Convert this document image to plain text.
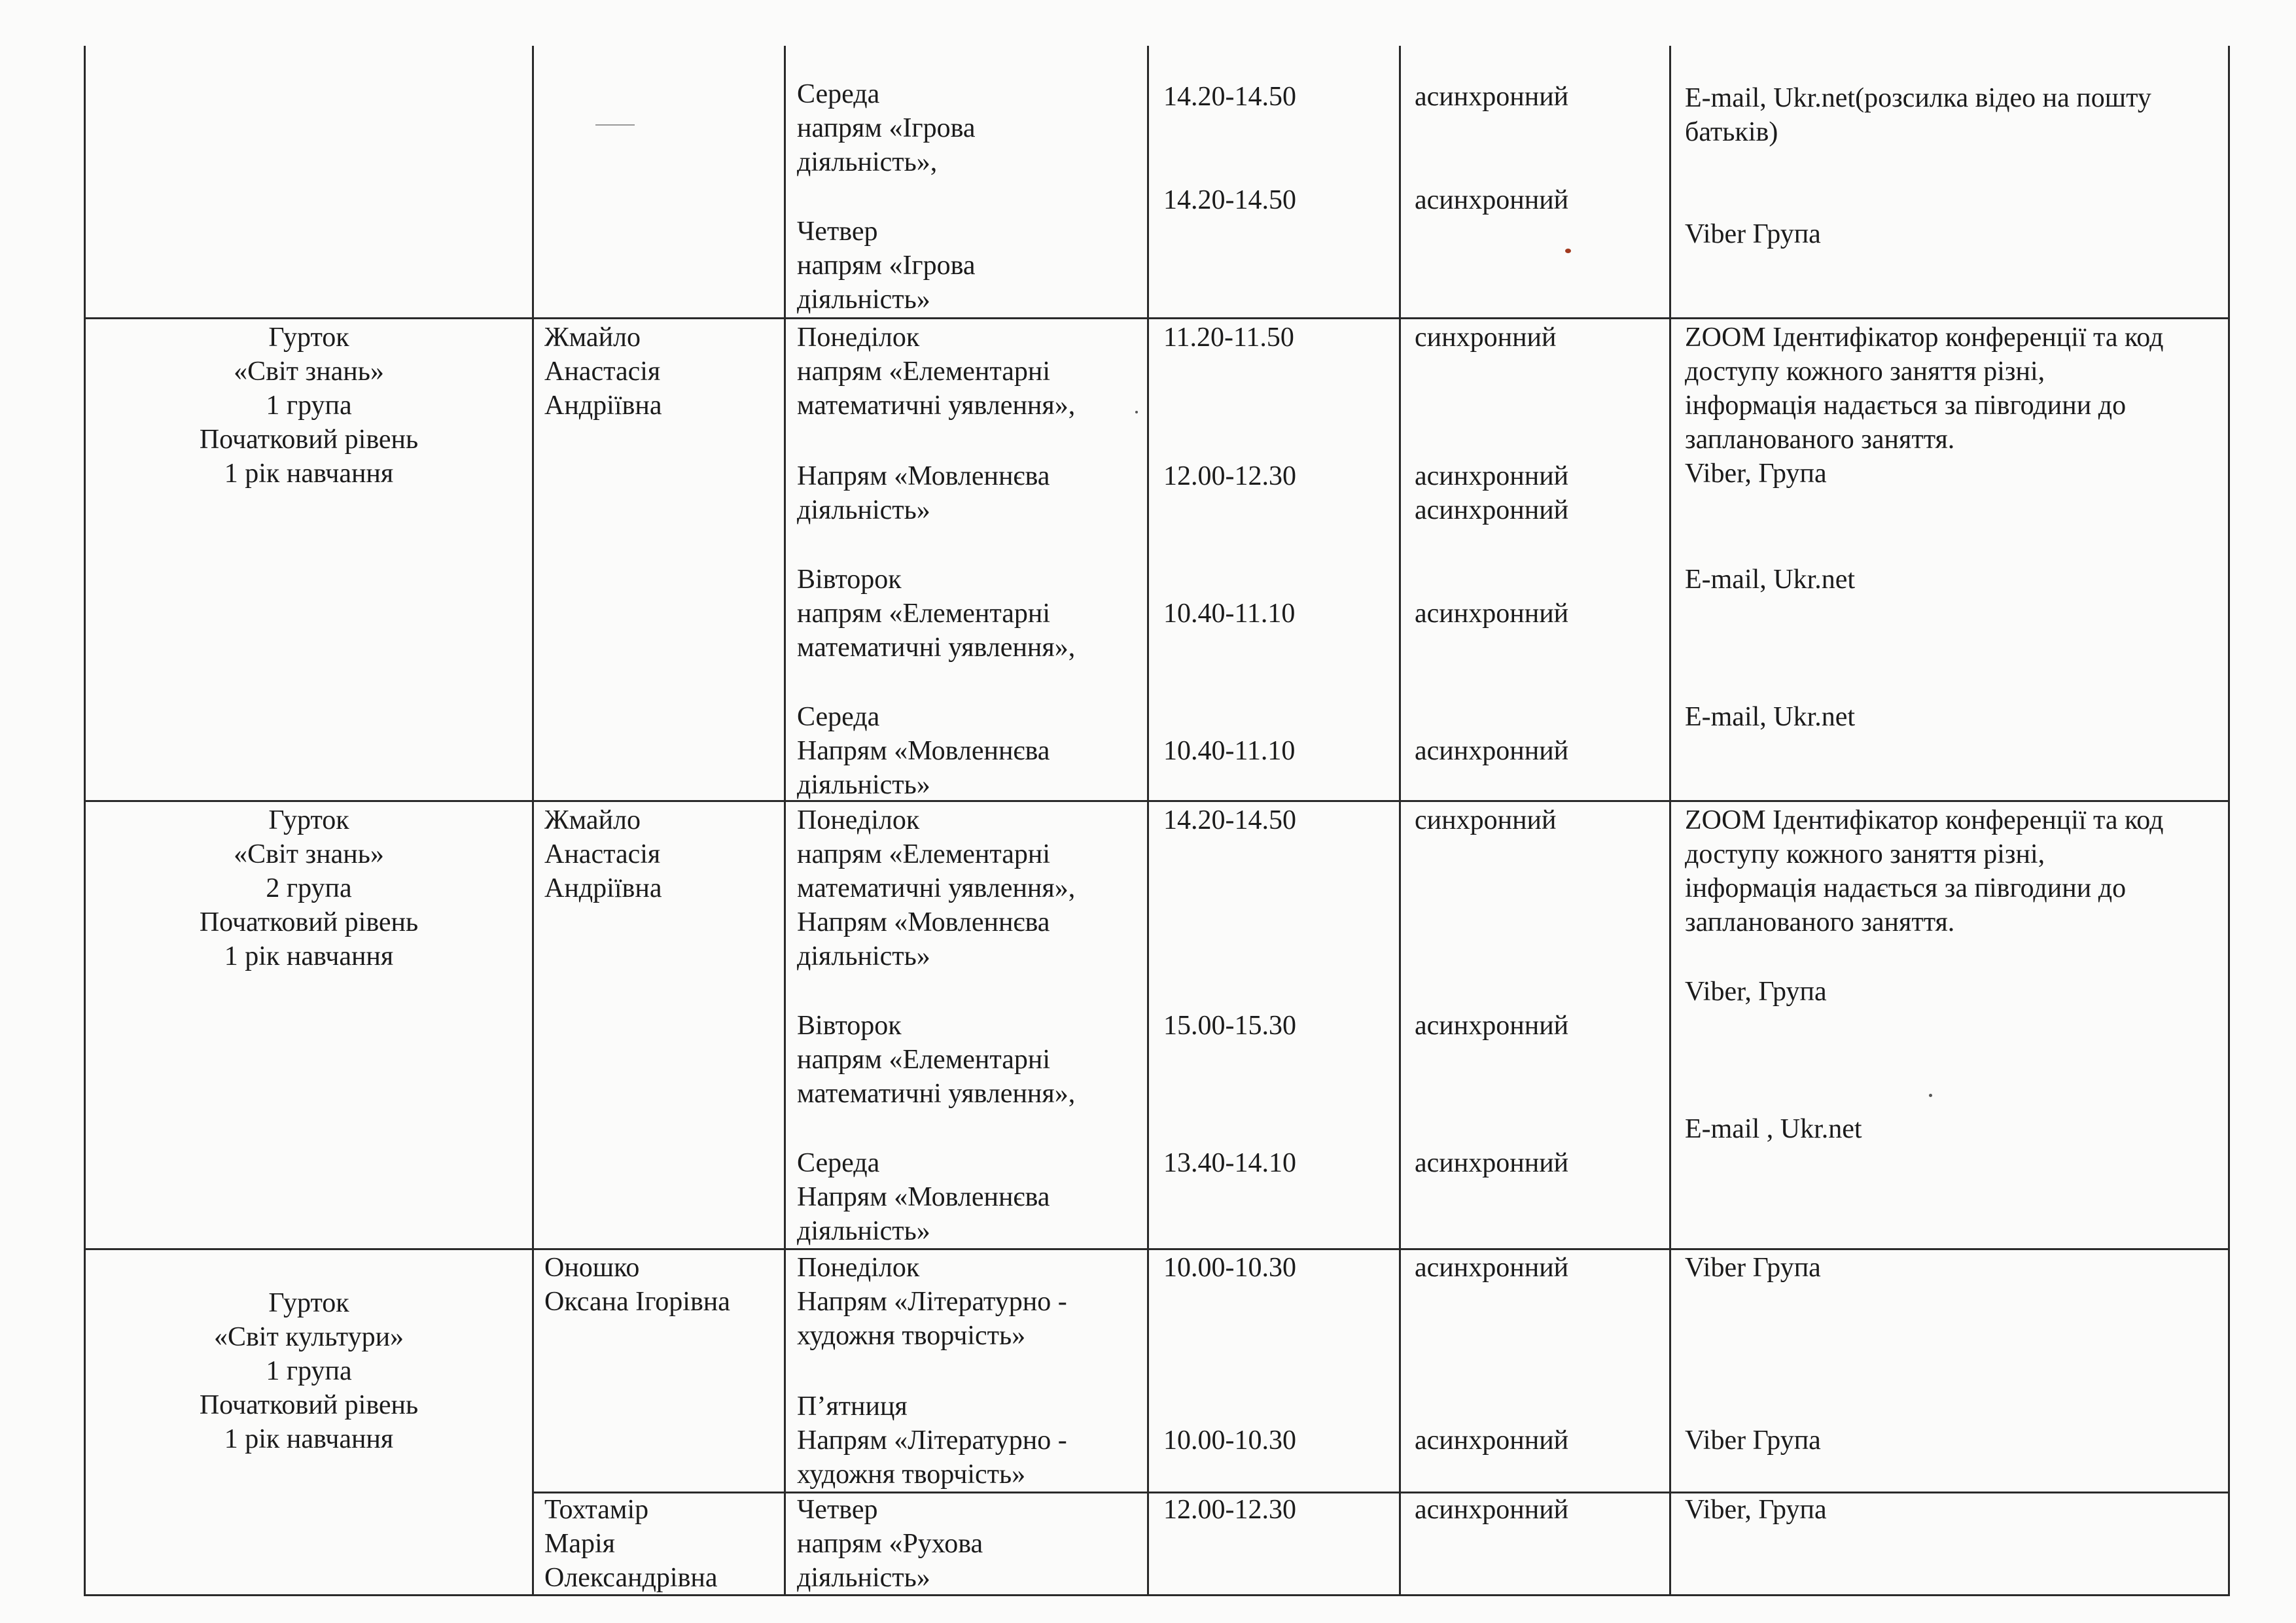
Середа
напрям «Ігрова
діяльність»,
Четвер
напрям «Ігрова
діяльність»
14.20-14.50
14.20-14.50
асинхронний
асинхронний
E-mail, Ukr.net(розсилка відео на пошту
батьків)
Viber Група
Гурток
«Світ знань»
1 група
Початковий рівень
1 рік навчання
Жмайло
Анастасія
Андріївна
Понеділок
напрям «Елементарні
математичні уявлення»,
Напрям «Мовленнєва
діяльність»
Вівторок
напрям «Елементарні
математичні уявлення»,
Середа
Напрям «Мовленнєва
діяльність»
11.20-11.50
12.00-12.30
10.40-11.10
10.40-11.10
синхронний
асинхронний
асинхронний
асинхронний
асинхронний
ZOOM Ідентифікатор конференції та код
доступу кожного заняття різні,
інформація надається за півгодини до
запланованого заняття.
Viber, Група
E-mail, Ukr.net
E-mail, Ukr.net
Гурток
«Світ знань»
2 група
Початковий рівень
1 рік навчання
Жмайло
Анастасія
Андріївна
Понеділок
напрям «Елементарні
математичні уявлення»,
Напрям «Мовленнєва
діяльність»
Вівторок
напрям «Елементарні
математичні уявлення»,
Середа
Напрям «Мовленнєва
діяльність»
14.20-14.50
15.00-15.30
13.40-14.10
синхронний
асинхронний
асинхронний
ZOOM Ідентифікатор конференції та код
доступу кожного заняття різні,
інформація надається за півгодини до
запланованого заняття.
Viber, Група
E-mail , Ukr.net
Гурток
«Світ культури»
1 група
Початковий рівень
1 рік навчання
Оношко
Оксана Ігорівна
Понеділок
Напрям «Літературно -
художня творчість»
П’ятниця
Напрям «Літературно -
художня творчість»
10.00-10.30
10.00-10.30
асинхронний
асинхронний
Viber Група
Viber Група
Тохтамір
Марія
Олександрівна
Четвер
напрям «Рухова
діяльність»
12.00-12.30	асинхронний	Viber, Група
